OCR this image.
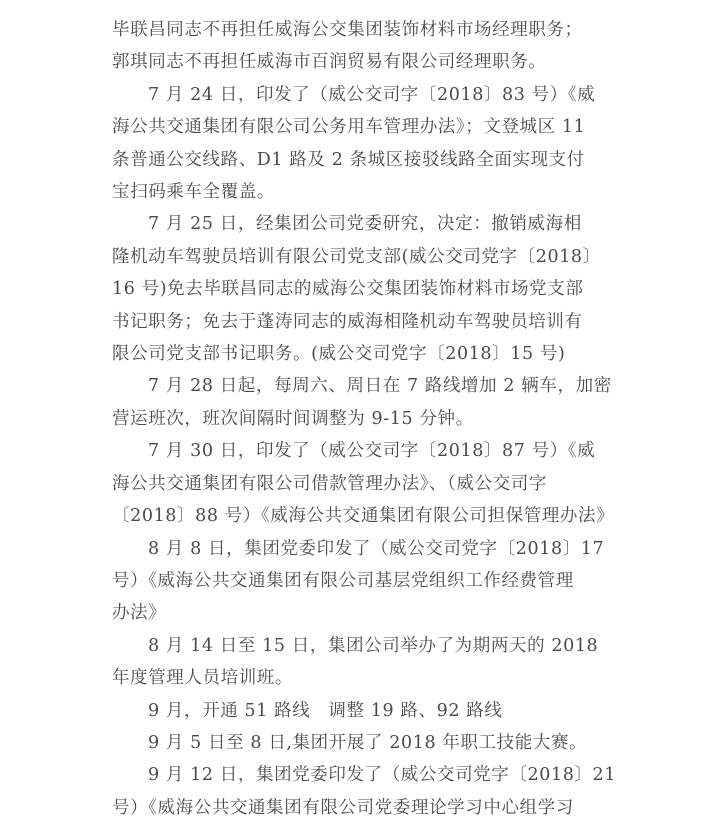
毕联昌同志不再担任威海公交集团装饰材料市场经理职务；
郭琪同志不再担任威海市百润贸易有限公司经理职务。
7 月 24 日，印发了（威公交司字〔2018〕83 号）《威
海公共交通集团有限公司公务用车管理办法》；文登城区 11
条普通公交线路、D1 路及 2 条城区接驳线路全面实现支付
宝扫码乘车全覆盖。
7 月 25 日，经集团公司党委研究，决定：撤销威海相
隆机动车驾驶员培训有限公司党支部(威公交司党字〔2018〕
16 号)免去毕联昌同志的威海公交集团装饰材料市场党支部
书记职务；免去于蓬涛同志的威海相隆机动车驾驶员培训有
限公司党支部书记职务。(威公交司党字〔2018〕15 号)
7 月 28 日起，每周六、周日在 7 路线增加 2 辆车，加密
营运班次，班次间隔时间调整为 9-15 分钟。
7 月 30 日，印发了（威公交司字〔2018〕87 号）《威
海公共交通集团有限公司借款管理办法》、（威公交司字
〔2018〕88 号）《威海公共交通集团有限公司担保管理办法》
8 月 8 日，集团党委印发了（威公交司党字〔2018〕17
号）《威海公共交通集团有限公司基层党组织工作经费管理
办法》
8 月 14 日至 15 日，集团公司举办了为期两天的 2018
年度管理人员培训班。
9 月，开通 51 路线　调整 19 路、92 路线
9 月 5 日至 8 日,集团开展了 2018 年职工技能大赛。
9 月 12 日，集团党委印发了（威公交司党字〔2018〕21
号）《威海公共交通集团有限公司党委理论学习中心组学习
